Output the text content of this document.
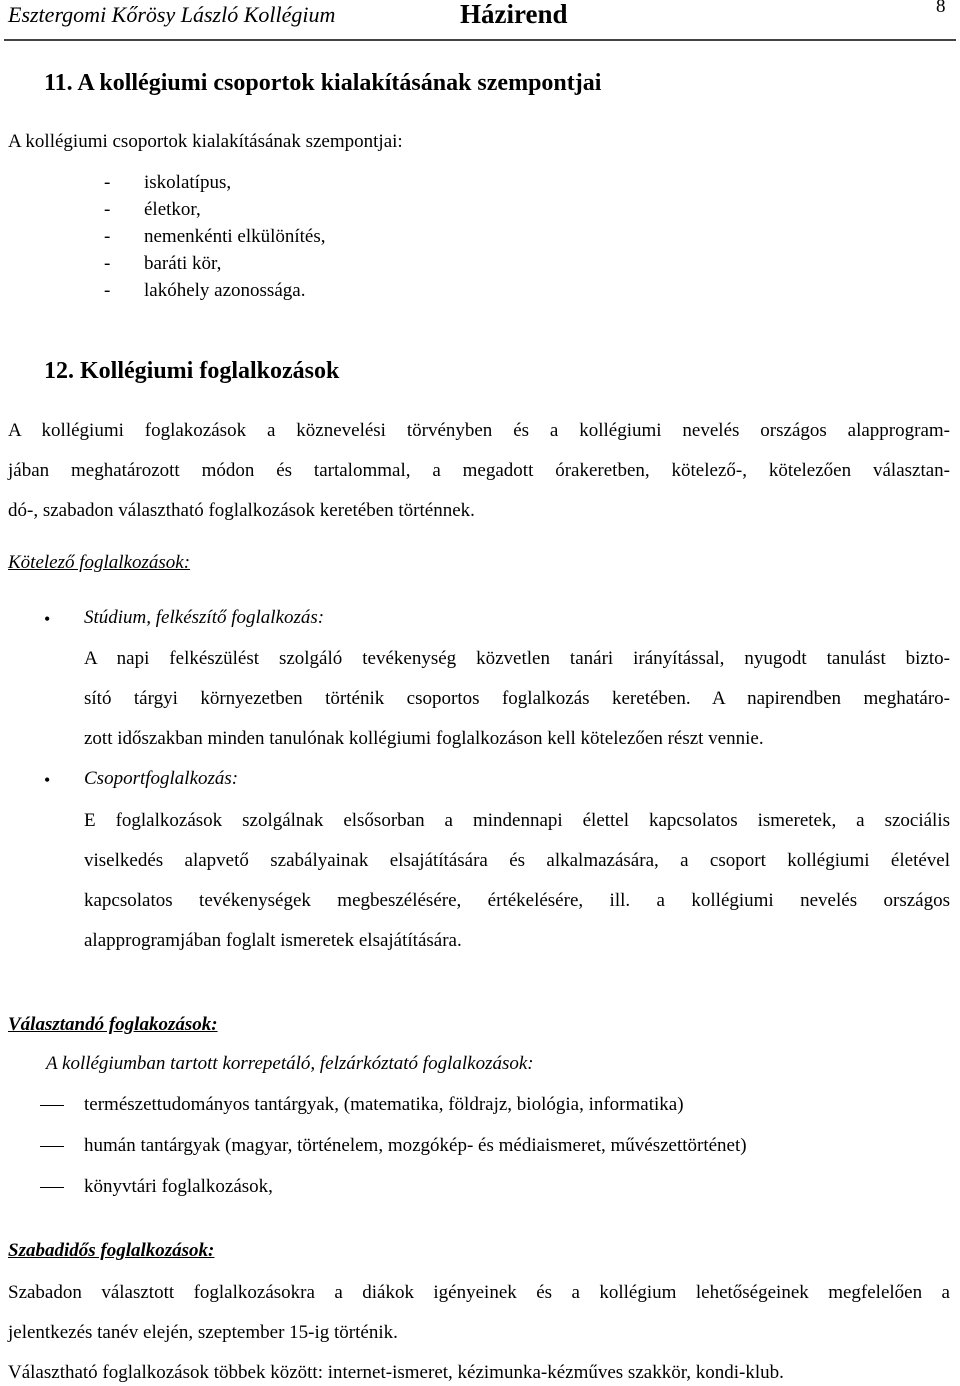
Esztergomi Kőrösy László Kollégium	Házirend	8
11. A kollégiumi csoportok kialakításának szempontjai
A kollégiumi csoportok kialakításának szempontjai:
- iskolatípus,
- életkor,
- nemenkénti elkülönítés,
- baráti kör,
- lakóhely azonossága.
12. Kollégiumi foglalkozások
A kollégiumi foglakozások a köznevelési törvényben és a kollégiumi nevelés országos alapprogram-
jában meghatározott módon és tartalommal, a megadott órakeretben, kötelező-, kötelezően választan-
dó-, szabadon választható foglalkozások keretében történnek.
Kötelező foglalkozások:
• Stúdium, felkészítő foglalkozás:
A napi felkészülést szolgáló tevékenység közvetlen tanári irányítással, nyugodt tanulást bizto-
sító tárgyi környezetben történik csoportos foglalkozás keretében. A napirendben meghatáro-
zott időszakban minden tanulónak kollégiumi foglalkozáson kell kötelezően részt vennie.
• Csoportfoglalkozás:
E foglalkozások szolgálnak elsősorban a mindennapi élettel kapcsolatos ismeretek, a szociális
viselkedés alapvető szabályainak elsajátítására és alkalmazására, a csoport kollégiumi életével
kapcsolatos tevékenységek megbeszélésére, értékelésére, ill. a kollégiumi nevelés országos
alapprogramjában foglalt ismeretek elsajátítására.
Választandó foglakozások:
A kollégiumban tartott korrepetáló, felzárkóztató foglalkozások:
természettudományos tantárgyak, (matematika, földrajz, biológia, informatika)
humán tantárgyak (magyar, történelem, mozgókép- és médiaismeret, művészettörténet)
könyvtári foglalkozások,
Szabadidős foglalkozások:
Szabadon választott foglalkozásokra a diákok igényeinek és a kollégium lehetőségeinek megfelelően a
jelentkezés tanév elején, szeptember 15-ig történik.
Választható foglalkozások többek között: internet-ismeret, kézimunka-kézműves szakkör, kondi-klub.
